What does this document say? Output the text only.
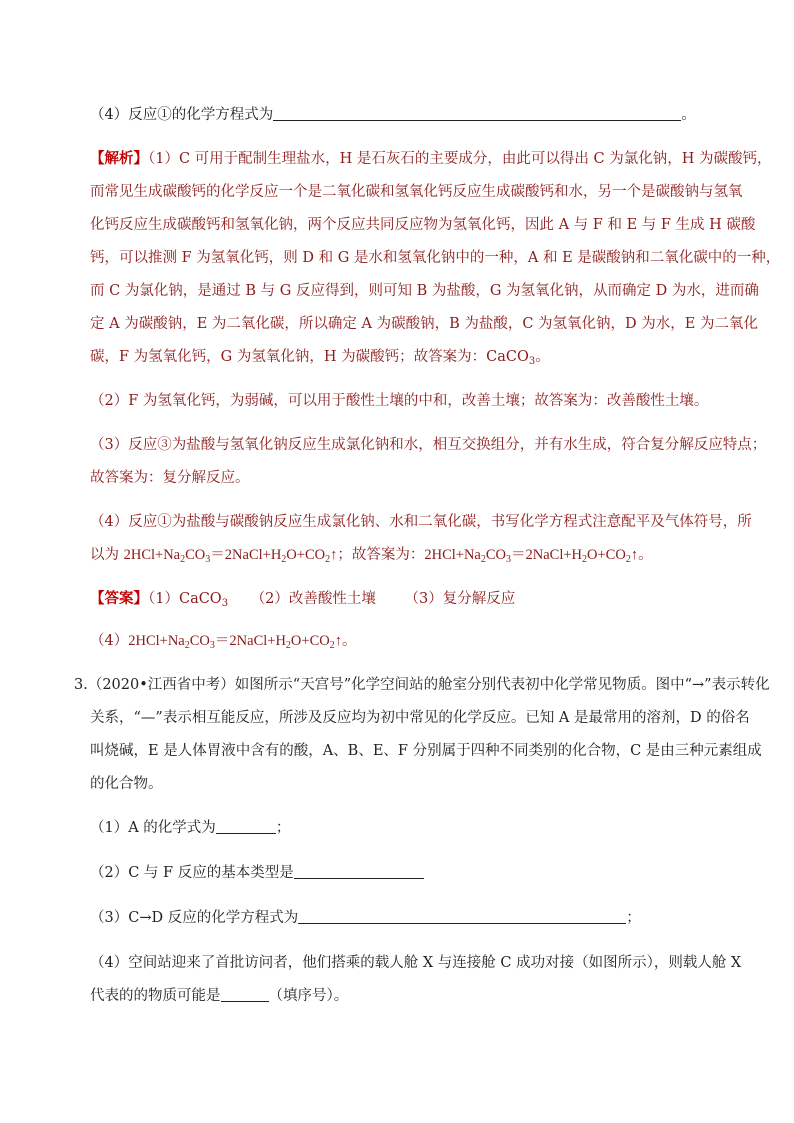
（4）反应①的化学方程式为	。
【解析】（1）C 可用于配制生理盐水，H 是石灰石的主要成分，由此可以得出 C 为氯化钠，H 为碳酸钙，
而常见生成碳酸钙的化学反应一个是二氧化碳和氢氧化钙反应生成碳酸钙和水，另一个是碳酸钠与氢氧
化钙反应生成碳酸钙和氢氧化钠，两个反应共同反应物为氢氧化钙，因此 A 与 F 和 E 与 F 生成 H 碳酸
钙，可以推测 F 为氢氧化钙，则 D 和 G 是水和氢氧化钠中的一种，A 和 E 是碳酸钠和二氧化碳中的一种，
而 C 为氯化钠，是通过 B 与 G 反应得到，则可知 B 为盐酸，G 为氢氧化钠，从而确定 D 为水，进而确
定 A 为碳酸钠，E 为二氧化碳，所以确定 A 为碳酸钠，B 为盐酸，C 为氢氧化钠，D 为水，E 为二氧化
碳，F 为氢氧化钙，G 为氢氧化钠，H 为碳酸钙；故答案为：CaCO$_3$。
（2）F 为氢氧化钙，为弱碱，可以用于酸性土壤的中和，改善土壤；故答案为：改善酸性土壤。
（3）反应③为盐酸与氢氧化钠反应生成氯化钠和水，相互交换组分，并有水生成，符合复分解反应特点；
故答案为：复分解反应。
（4）反应①为盐酸与碳酸钠反应生成氯化钠、水和二氧化碳，书写化学方程式注意配平及气体符号，所
以为 $2HCl+Na_2CO_3=2NaCl+H_2O+CO_2↑$；故答案为：$2HCl+Na_2CO_3=2NaCl+H_2O+CO_2↑$。
【答案】（1）CaCO$_3$ （2）改善酸性土壤 （3）复分解反应
$(4)2HCl+Na_2CO_3=2NaCl+H_2O+CO_2↑$。
3.（2020•江西省中考）如图所示“天宫号”化学空间站的舱室分别代表初中化学常见物质。图中“→”表示转化
关系，“—”表示相互能反应，所涉及反应均为初中常见的化学反应。已知 A 是最常用的溶剂，D 的俗名
叫烧碱，E 是人体胃液中含有的酸，A、B、E、F 分别属于四种不同类别的化合物，C 是由三种元素组成
的化合物。
（1）A 的化学式为	；
（2）C 与 F 反应的基本类型是
（3）C→D 反应的化学方程式为	；
（4）空间站迎来了首批访问者，他们搭乘的载人舱 X 与连接舱 C 成功对接（如图所示），则载人舱 X
代表的的物质可能是	（填序号）。
